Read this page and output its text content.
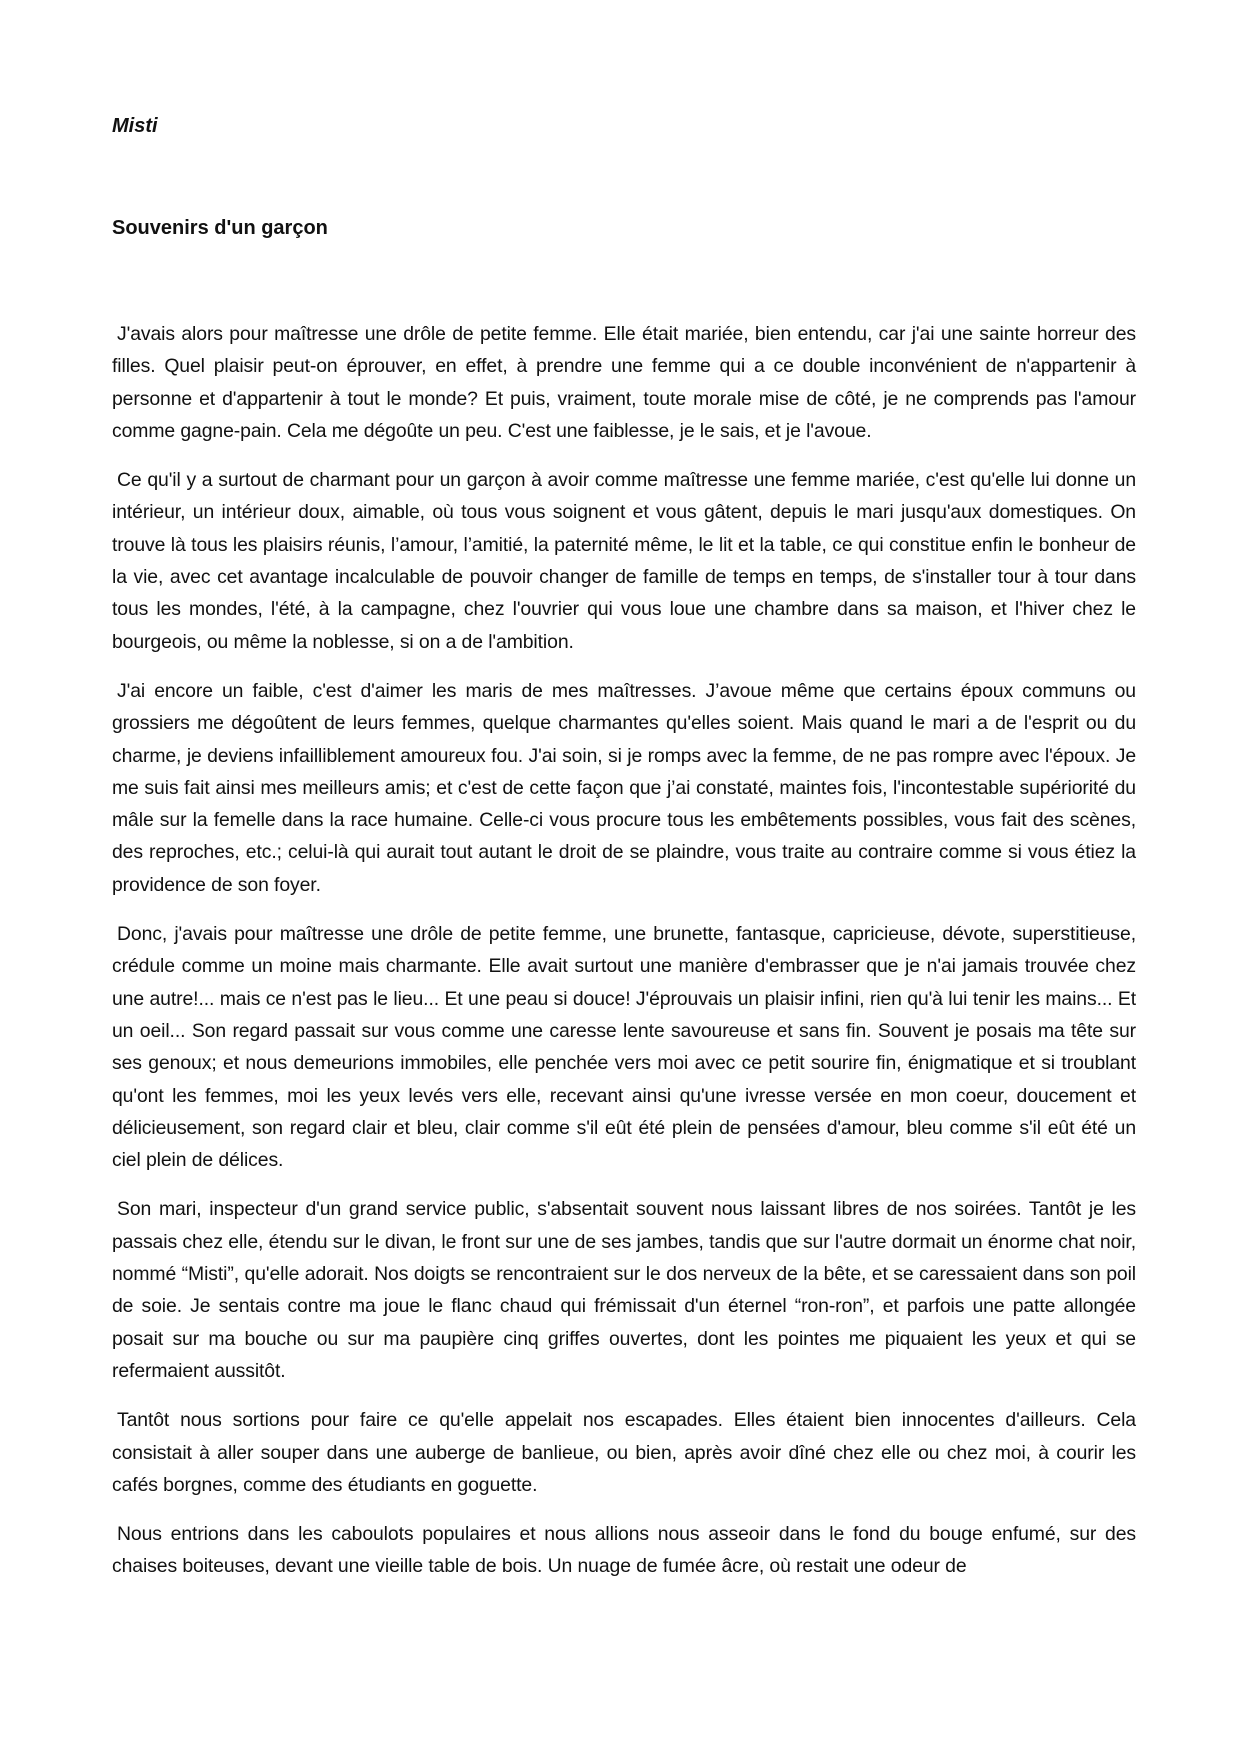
Misti
Souvenirs d'un garçon

J'avais alors pour maîtresse une drôle de petite femme. Elle était mariée, bien entendu, car j'ai une sainte horreur des filles. Quel plaisir peut-on éprouver, en effet, à prendre une femme qui a ce double inconvénient de n'appartenir à personne et d'appartenir à tout le monde? Et puis, vraiment, toute morale mise de côté, je ne comprends pas l'amour comme gagne-pain. Cela me dégoûte un peu. C'est une faiblesse, je le sais, et je l'avoue.

Ce qu'il y a surtout de charmant pour un garçon à avoir comme maîtresse une femme mariée, c'est qu'elle lui donne un intérieur, un intérieur doux, aimable, où tous vous soignent et vous gâtent, depuis le mari jusqu'aux domestiques. On trouve là tous les plaisirs réunis, l’amour, l’amitié, la paternité même, le lit et la table, ce qui constitue enfin le bonheur de la vie, avec cet avantage incalculable de pouvoir changer de famille de temps en temps, de s'installer tour à tour dans tous les mondes, l'été, à la campagne, chez l'ouvrier qui vous loue une chambre dans sa maison, et l'hiver chez le bourgeois, ou même la noblesse, si on a de l'ambition.

J'ai encore un faible, c'est d'aimer les maris de mes maîtresses. J’avoue même que certains époux communs ou grossiers me dégoûtent de leurs femmes, quelque charmantes qu'elles soient. Mais quand le mari a de l'esprit ou du charme, je deviens infailliblement amoureux fou. J'ai soin, si je romps avec la femme, de ne pas rompre avec l'époux. Je me suis fait ainsi mes meilleurs amis; et c'est de cette façon que j’ai constaté, maintes fois, l'incontestable supériorité du mâle sur la femelle dans la race humaine. Celle-ci vous procure tous les embêtements possibles, vous fait des scènes, des reproches, etc.; celui-là qui aurait tout autant le droit de se plaindre, vous traite au contraire comme si vous étiez la providence de son foyer.

Donc, j'avais pour maîtresse une drôle de petite femme, une brunette, fantasque, capricieuse, dévote, superstitieuse, crédule comme un moine mais charmante. Elle avait surtout une manière d'embrasser que je n'ai jamais trouvée chez une autre!... mais ce n'est pas le lieu... Et une peau si douce! J'éprouvais un plaisir infini, rien qu'à lui tenir les mains... Et un oeil... Son regard passait sur vous comme une caresse lente savoureuse et sans fin. Souvent je posais ma tête sur ses genoux; et nous demeurions immobiles, elle penchée vers moi avec ce petit sourire fin, énigmatique et si troublant qu'ont les femmes, moi les yeux levés vers elle, recevant ainsi qu'une ivresse versée en mon coeur, doucement et délicieusement, son regard clair et bleu, clair comme s'il eût été plein de pensées d'amour, bleu comme s'il eût été un ciel plein de délices.

Son mari, inspecteur d'un grand service public, s'absentait souvent nous laissant libres de nos soirées. Tantôt je les passais chez elle, étendu sur le divan, le front sur une de ses jambes, tandis que sur l'autre dormait un énorme chat noir, nommé “Misti”, qu'elle adorait. Nos doigts se rencontraient sur le dos nerveux de la bête, et se caressaient dans son poil de soie. Je sentais contre ma joue le flanc chaud qui frémissait d'un éternel “ron-ron”, et parfois une patte allongée posait sur ma bouche ou sur ma paupière cinq griffes ouvertes, dont les pointes me piquaient les yeux et qui se refermaient aussitôt.

Tantôt nous sortions pour faire ce qu'elle appelait nos escapades. Elles étaient bien innocentes d'ailleurs. Cela consistait à aller souper dans une auberge de banlieue, ou bien, après avoir dîné chez elle ou chez moi, à courir les cafés borgnes, comme des étudiants en goguette.

Nous entrions dans les caboulots populaires et nous allions nous asseoir dans le fond du bouge enfumé, sur des chaises boiteuses, devant une vieille table de bois. Un nuage de fumée âcre, où restait une odeur de
